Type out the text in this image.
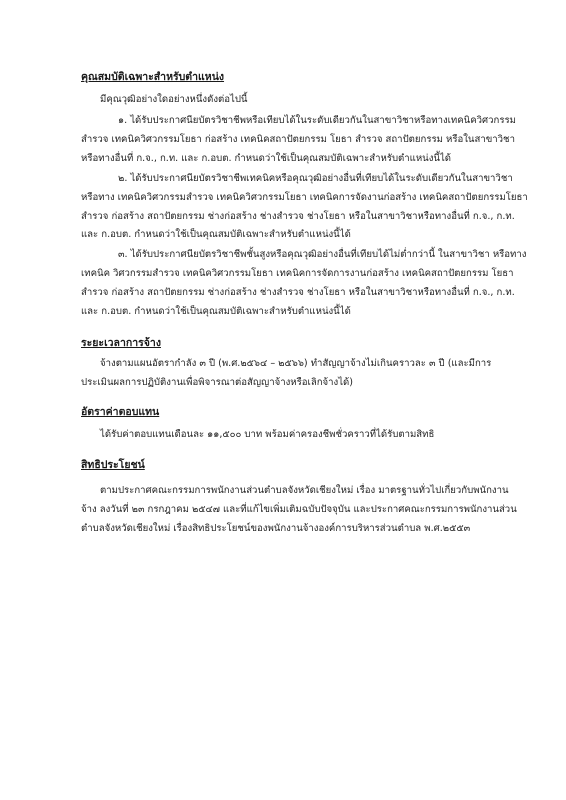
คุณสมบัติเฉพาะสำหรับตำแหน่ง
มีคุณวุฒิอย่างใดอย่างหนึ่งดังต่อไปนี้
๑. ได้รับประกาศนียบัตรวิชาชีพหรือเทียบได้ในระดับเดียวกันในสาขาวิชาหรือทางเทคนิควิศวกรรม
สำรวจ เทคนิควิศวกรรมโยธา ก่อสร้าง เทคนิคสถาปัตยกรรม โยธา สำรวจ สถาปัตยกรรม หรือในสาขาวิชา
หรือทางอื่นที่ ก.จ., ก.ท. และ ก.อบต. กำหนดว่าใช้เป็นคุณสมบัติเฉพาะสำหรับตำแหน่งนี้ได้
๒. ได้รับประกาศนียบัตรวิชาชีพเทคนิคหรือคุณวุฒิอย่างอื่นที่เทียบได้ในระดับเดียวกันในสาขาวิชา
หรือทาง เทคนิควิศวกรรมสำรวจ เทคนิควิศวกรรมโยธา เทคนิคการจัดงานก่อสร้าง เทคนิคสถาปัตยกรรมโยธา
สำรวจ ก่อสร้าง สถาปัตยกรรม ช่างก่อสร้าง ช่างสำรวจ ช่างโยธา หรือในสาขาวิชาหรือทางอื่นที่ ก.จ., ก.ท.
และ ก.อบต. กำหนดว่าใช้เป็นคุณสมบัติเฉพาะสำหรับตำแหน่งนี้ได้
๓. ได้รับประกาศนียบัตรวิชาชีพชั้นสูงหรือคุณวุฒิอย่างอื่นที่เทียบได้ไม่ต่ำกว่านี้ ในสาขาวิชา หรือทาง
เทคนิค วิศวกรรมสำรวจ เทคนิควิศวกรรมโยธา เทคนิคการจัดการงานก่อสร้าง เทคนิคสถาปัตยกรรม โยธา
สำรวจ ก่อสร้าง สถาปัตยกรรม ช่างก่อสร้าง ช่างสำรวจ ช่างโยธา หรือในสาขาวิชาหรือทางอื่นที่ ก.จ., ก.ท.
และ ก.อบต. กำหนดว่าใช้เป็นคุณสมบัติเฉพาะสำหรับตำแหน่งนี้ได้
ระยะเวลาการจ้าง
จ้างตามแผนอัตรากำลัง ๓ ปี (พ.ศ.๒๕๖๔ – ๒๕๖๖) ทำสัญญาจ้างไม่เกินคราวละ ๓ ปี (และมีการ
ประเมินผลการปฏิบัติงานเพื่อพิจารณาต่อสัญญาจ้างหรือเลิกจ้างได้)
อัตราค่าตอบแทน
ได้รับค่าตอบแทนเดือนละ ๑๑,๕๐๐ บาท พร้อมค่าครองชีพชั่วคราวที่ได้รับตามสิทธิ
สิทธิประโยชน์
ตามประกาศคณะกรรมการพนักงานส่วนตำบลจังหวัดเชียงใหม่ เรื่อง มาตรฐานทั่วไปเกี่ยวกับพนักงาน
จ้าง ลงวันที่ ๒๓ กรกฎาคม ๒๕๔๗ และที่แก้ไขเพิ่มเติมฉบับปัจจุบัน และประกาศคณะกรรมการพนักงานส่วน
ตำบลจังหวัดเชียงใหม่ เรื่องสิทธิประโยชน์ของพนักงานจ้างองค์การบริหารส่วนตำบล พ.ศ.๒๕๕๓
